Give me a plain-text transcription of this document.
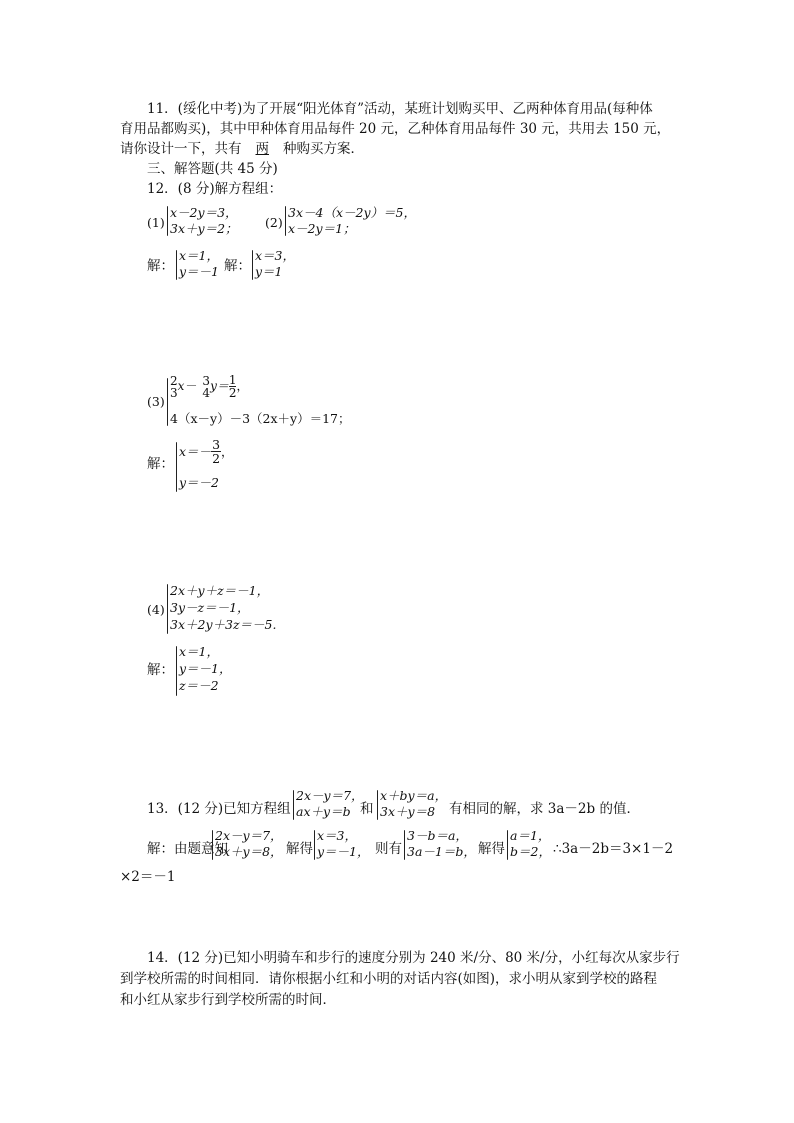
11．(绥化中考)为了开展“阳光体育”活动，某班计划购买甲、乙两种体育用品(每种体
育用品都购买)，其中甲种体育用品每件 20 元，乙种体育用品每件 30 元，共用去 150 元，
请你设计一下，共有 两 种购买方案．
三、解答题(共 45 分)
12．(8 分)解方程组：
(1)
x－2y＝3，
3x＋y＝2； (2)
3x－4（x－2y）＝5，
x－2y＝1；
解：
x＝1，
y＝－1 解：
x＝3，
y＝1
(3)
2
3 x－ 3
4 $y= \frac{1}{2}$ ，
4（x－y）－3（2x＋y）＝17；
解：
$x=- \frac{3}{2}$ ，
y＝－2
(4)
2x＋y＋z＝－1，
3y－z＝－1，
3x＋2y＋3z＝－5.
解：
x＝1，
y＝－1，
z＝－2
13．(12 分)已知方程组
2x－y＝7，
ax＋y＝b 和
x＋by＝a，
3x＋y＝8 有相同的解，求 3a－2b 的值．
解：由题意知
2x－y＝7，
3x＋y＝8， 解得
x＝3，
y＝－1， 则有
3－b＝a，
3a－1＝b， 解得
a＝1，
b＝2， ∴3a－2b＝3×1－2
×2＝－1
14．(12 分)已知小明骑车和步行的速度分别为 240 米/分、80 米/分，小红每次从家步行
到学校所需的时间相同．请你根据小红和小明的对话内容(如图)，求小明从家到学校的路程
和小红从家步行到学校所需的时间．
